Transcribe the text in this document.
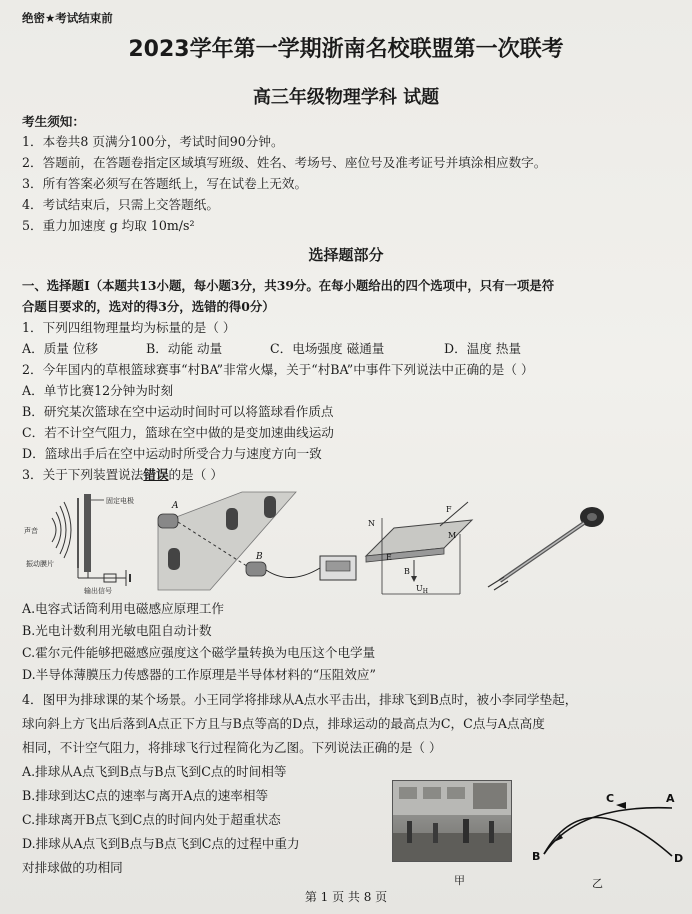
绝密★考试结束前
2023学年第一学期浙南名校联盟第一次联考
高三年级物理学科 试题
考生须知：
1．本卷共8 页满分100分，考试时间90分钟。
2．答题前，在答题卷指定区域填写班级、姓名、考场号、座位号及准考证号并填涂相应数字。
3．所有答案必须写在答题纸上，写在试卷上无效。
4．考试结束后，只需上交答题纸。
5．重力加速度 g 均取 10m/s²
选择题部分
一、选择题Ⅰ（本题共13小题，每小题3分，共39分。在每小题给出的四个选项中，只有一项是符
合题目要求的，选对的得3分，选错的得0分）
1．下列四组物理量均为标量的是（ ）
A．质量 位移	B．动能 动量	C．电场强度 磁通量	D．温度 热量
2．今年国内的草根篮球赛事“村BA”非常火爆，关于“村BA”中事件下列说法中正确的是（ ）
A．单节比赛12分钟为时刻
B．研究某次篮球在空中运动时间时可以将篮球看作质点
C．若不计空气阻力，篮球在空中做的是变加速曲线运动
D．篮球出手后在空中运动时所受合力与速度方向一致
3．关于下列装置说法错误的是（ ）
固定电极
声音
振动膜片
输出信号
A
B
N
F
M
E
B
$U_H$
A.电容式话筒利用电磁感应原理工作
B.光电计数利用光敏电阻自动计数
C.霍尔元件能够把磁感应强度这个磁学量转换为电压这个电学量
D.半导体薄膜压力传感器的工作原理是半导体材料的“压阻效应”
4．图甲为排球课的某个场景。小王同学将排球从A点水平击出，排球飞到B点时，被小李同学垫起，
球向斜上方飞出后落到A点正下方且与B点等高的D点，排球运动的最高点为C，C点与A点高度
相同，不计空气阻力，将排球飞行过程简化为乙图。下列说法正确的是（ ）
A.排球从A点飞到B点与B点飞到C点的时间相等
B.排球到达C点的速率与离开A点的速率相等
C.排球离开B点飞到C点的时间内处于超重状态
D.排球从A点飞到B点与B点飞到C点的过程中重力
对排球做的功相同
甲
C	A
B	D
乙
第 1 页 共 8 页
